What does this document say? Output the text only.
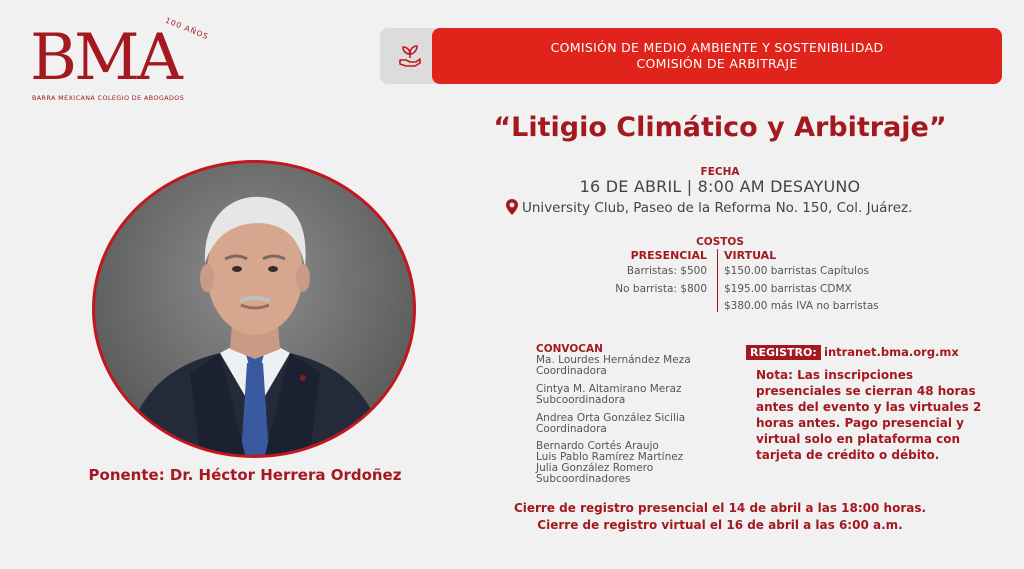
BMA
100 AÑOS
BARRA MEXICANA COLEGIO DE ABOGADOS
COMISIÓN DE MEDIO AMBIENTE Y SOSTENIBILIDAD
COMISIÓN DE ARBITRAJE
“Litigio Climático y Arbitraje”
Ponente: Dr. Héctor Herrera Ordoñez
FECHA
16 DE ABRIL | 8:00 AM DESAYUNO
University Club, Paseo de la Reforma No. 150, Col. Juárez.
COSTOS
PRESENCIAL VIRTUAL
Barristas: $500
No barrista: $800
$150.00 barristas Capítulos
$195.00 barristas CDMX
$380.00 más IVA no barristas
CONVOCAN
Ma. Lourdes Hernández Meza
Coordinadora
Cintya M. Altamirano Meraz
Subcoordinadora
Andrea Orta González Sicilia
Coordinadora
Bernardo Cortés Araujo
Luis Pablo Ramírez Martínez
Julia González Romero
Subcoordinadores
REGISTRO: intranet.bma.org.mx
Nota: Las inscripciones presenciales se cierran 48 horas antes del evento y las virtuales 2 horas antes. Pago presencial y virtual solo en plataforma con tarjeta de crédito o débito.
Cierre de registro presencial el 14 de abril a las 18:00 horas.
Cierre de registro virtual el 16 de abril a las 6:00 a.m.
